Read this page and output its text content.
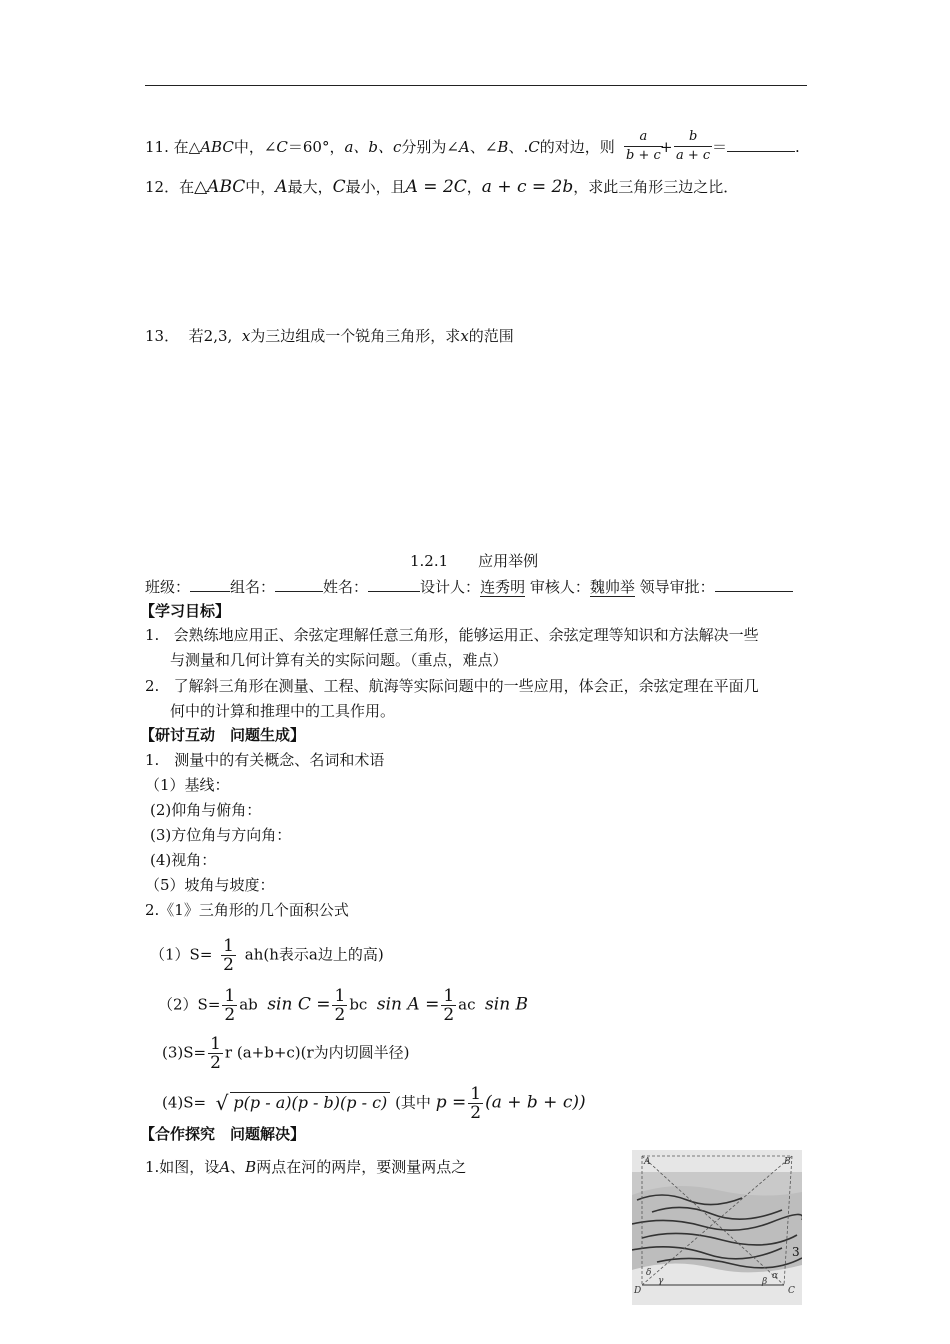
11. 在△ABC中，∠C＝60°，a、b、c分别为∠A、∠B、.C的对边，则 $\frac{a}{b + c}$
+ $\frac{b}{a + c}$ ＝	.
12．在△ABC中，A最大，C最小，且A = 2C，a + c = 2b，求此三角形三边之比．
13． 若2,3, x为三边组成一个锐角三角形，求x的范围
1.2.1　　应用举例
班级：	组名：	姓名：	设计人：连秀明 审核人：魏帅举 领导审批：
【学习目标】
1. 会熟练地应用正、余弦定理解任意三角形，能够运用正、余弦定理等知识和方法解决一些
与测量和几何计算有关的实际问题。（重点，难点）
2. 了解斜三角形在测量、工程、航海等实际问题中的一些应用，体会正，余弦定理在平面几
何中的计算和推理中的工具作用。
【研讨互动　问题生成】
1.　测量中的有关概念、名词和术语
（1）基线：
(2)仰角与俯角：
(3)方位角与方向角：
(4)视角：
（5）坡角与坡度：
2.《1》三角形的几个面积公式
$(1)S= \frac{1}{2} ah(h$表示a边上的高)
$(2)S= \frac{1}{2}$ ab $\sin C = \frac{1}{2}$ bc $\sin A = \frac{1}{2}$ ac sin B
$(3)S= \frac{1}{2}$ r (a+b+c)(r为内切圆半径)
(4)S= √ p(p - a)(p - b)(p - c) (其中 $p = \frac{1}{2} (a + b + c)$)
【合作探究　问题解决】
1.如图，设A、B两点在河的两岸，要测量两点之	A	B
D	C
δ
γ	α
β
3
